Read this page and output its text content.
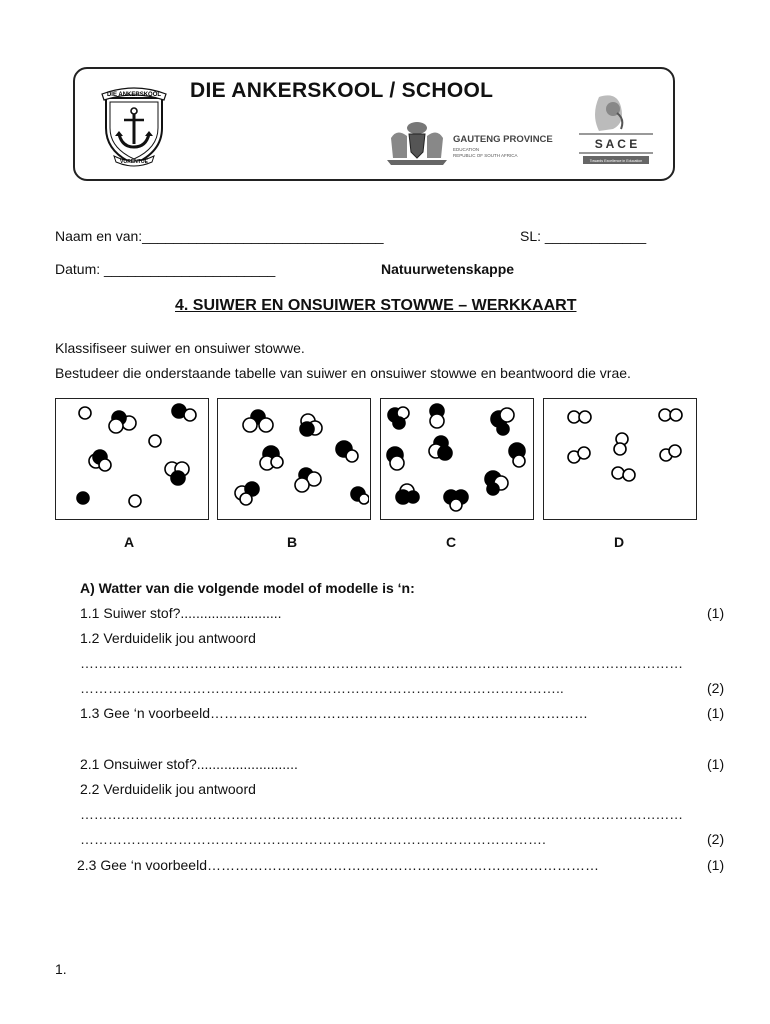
DIE ANKERSKOOL
VORENTOE
DIE ANKERSKOOL / SCHOOL
GAUTENG PROVINCE
EDUCATION
REPUBLIC OF SOUTH AFRICA
S A C E
Towards Excellence in Education
Naam en van:_______________________________	SL: _____________
Datum: ______________________	Natuurwetenskappe
4. SUIWER EN ONSUIWER STOWWE – WERKKAART
Klassifiseer suiwer en onsuiwer stowwe.
Bestudeer die onderstaande tabelle van suiwer en onsuiwer stowwe en beantwoord die vrae.
A	B	C	D
A) Watter van die volgende model of modelle is ‘n:
1.1 Suiwer stof?..........................	(1)
1.2 Verduidelik jou antwoord
……………………………………………………………………………………………………………………
…………………………………………………………………………………………..	(2)
1.3 Gee ‘n voorbeeld………………………………………………………………………	(1)
2.1 Onsuiwer stof?..........................	(1)
2.2 Verduidelik jou antwoord
……………………………………………………………………………………………………………………
……………………………………………………………………………………….	(2)
2.3 Gee ‘n voorbeeld…………………………………………………………………………	(1)
1.
